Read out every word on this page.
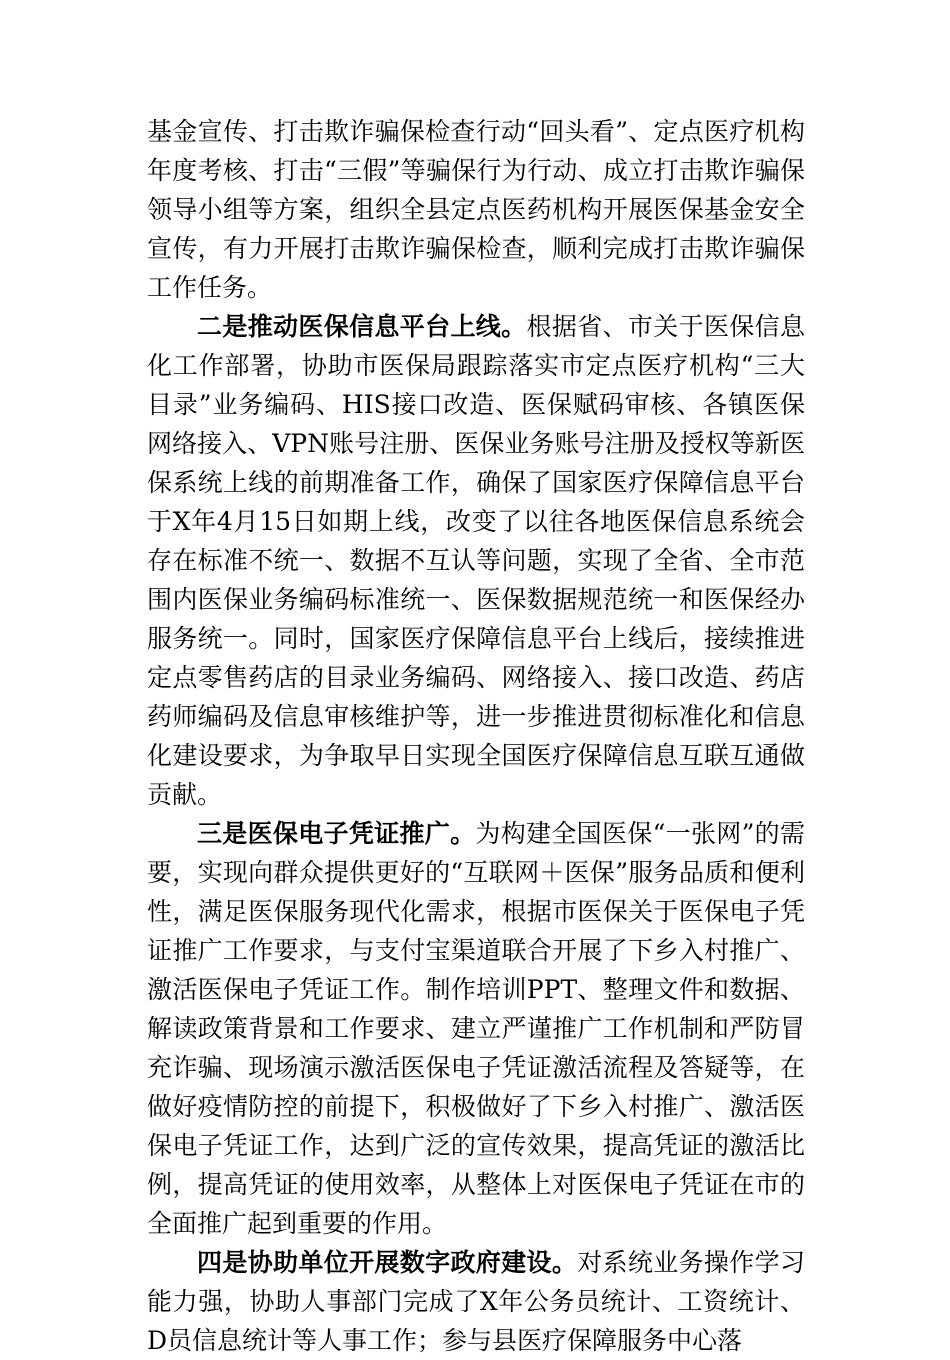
基金宣传、打击欺诈骗保检查行动“回头看”、定点医疗机构年度考核、打击“三假”等骗保行为行动、成立打击欺诈骗保领导小组等方案，组织全县定点医药机构开展医保基金安全宣传，有力开展打击欺诈骗保检查，顺利完成打击欺诈骗保工作任务。

二是推动医保信息平台上线。根据省、市关于医保信息化工作部署，协助市医保局跟踪落实市定点医疗机构“三大目录”业务编码、HIS接口改造、医保赋码审核、各镇医保网络接入、VPN账号注册、医保业务账号注册及授权等新医保系统上线的前期准备工作，确保了国家医疗保障信息平台于X年4月15日如期上线，改变了以往各地医保信息系统会存在标准不统一、数据不互认等问题，实现了全省、全市范围内医保业务编码标准统一、医保数据规范统一和医保经办服务统一。同时，国家医疗保障信息平台上线后，接续推进定点零售药店的目录业务编码、网络接入、接口改造、药店药师编码及信息审核维护等，进一步推进贯彻标准化和信息化建设要求，为争取早日实现全国医疗保障信息互联互通做贡献。

三是医保电子凭证推广。为构建全国医保“一张网”的需要，实现向群众提供更好的“互联网＋医保”服务品质和便利性，满足医保服务现代化需求，根据市医保关于医保电子凭证推广工作要求，与支付宝渠道联合开展了下乡入村推广、激活医保电子凭证工作。制作培训PPT、整理文件和数据、解读政策背景和工作要求、建立严谨推广工作机制和严防冒充诈骗、现场演示激活医保电子凭证激活流程及答疑等，在做好疫情防控的前提下，积极做好了下乡入村推广、激活医保电子凭证工作，达到广泛的宣传效果，提高凭证的激活比例，提高凭证的使用效率，从整体上对医保电子凭证在市的全面推广起到重要的作用。

四是协助单位开展数字政府建设。对系统业务操作学习能力强，协助人事部门完成了X年公务员统计、工资统计、D员信息统计等人事工作；参与县医疗保障服务中心落
